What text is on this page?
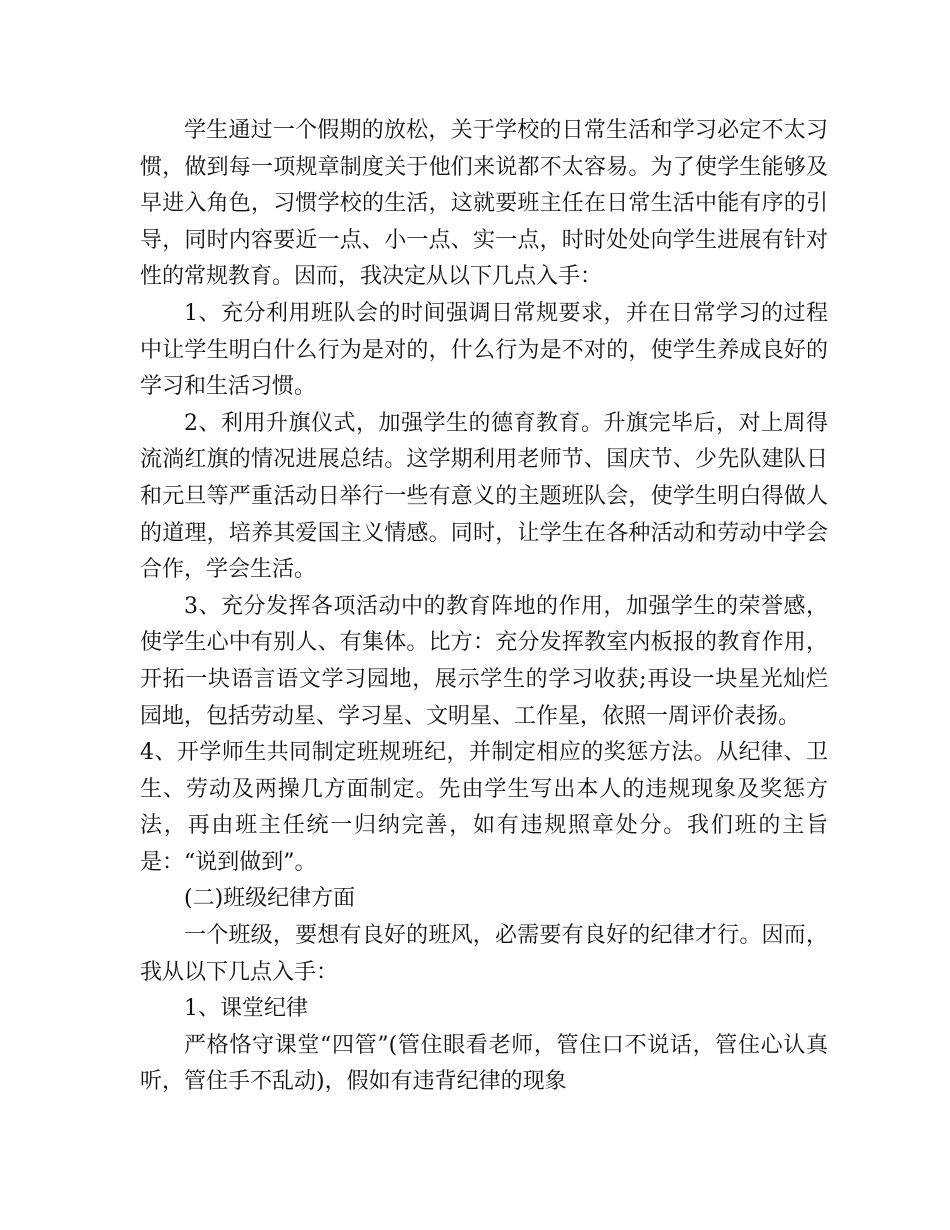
学生通过一个假期的放松，关于学校的日常生活和学习必定不太习惯，做到每一项规章制度关于他们来说都不太容易。为了使学生能够及早进入角色，习惯学校的生活，这就要班主任在日常生活中能有序的引导，同时内容要近一点、小一点、实一点，时时处处向学生进展有针对性的常规教育。因而，我决定从以下几点入手：

1、充分利用班队会的时间强调日常规要求，并在日常学习的过程中让学生明白什么行为是对的，什么行为是不对的，使学生养成良好的学习和生活习惯。

2、利用升旗仪式，加强学生的德育教育。升旗完毕后，对上周得流淌红旗的情况进展总结。这学期利用老师节、国庆节、少先队建队日和元旦等严重活动日举行一些有意义的主题班队会，使学生明白得做人的道理，培养其爱国主义情感。同时，让学生在各种活动和劳动中学会合作，学会生活。

3、充分发挥各项活动中的教育阵地的作用，加强学生的荣誉感，使学生心中有别人、有集体。比方：充分发挥教室内板报的教育作用，开拓一块语言语文学习园地，展示学生的学习收获;再设一块星光灿烂园地，包括劳动星、学习星、文明星、工作星，依照一周评价表扬。

4、开学师生共同制定班规班纪，并制定相应的奖惩方法。从纪律、卫生、劳动及两操几方面制定。先由学生写出本人的违规现象及奖惩方法，再由班主任统一归纳完善，如有违规照章处分。我们班的主旨是：“说到做到”。

(二)班级纪律方面

一个班级，要想有良好的班风，必需要有良好的纪律才行。因而，我从以下几点入手：

1、课堂纪律

严格恪守课堂“四管”(管住眼看老师，管住口不说话，管住心认真听，管住手不乱动)，假如有违背纪律的现象
